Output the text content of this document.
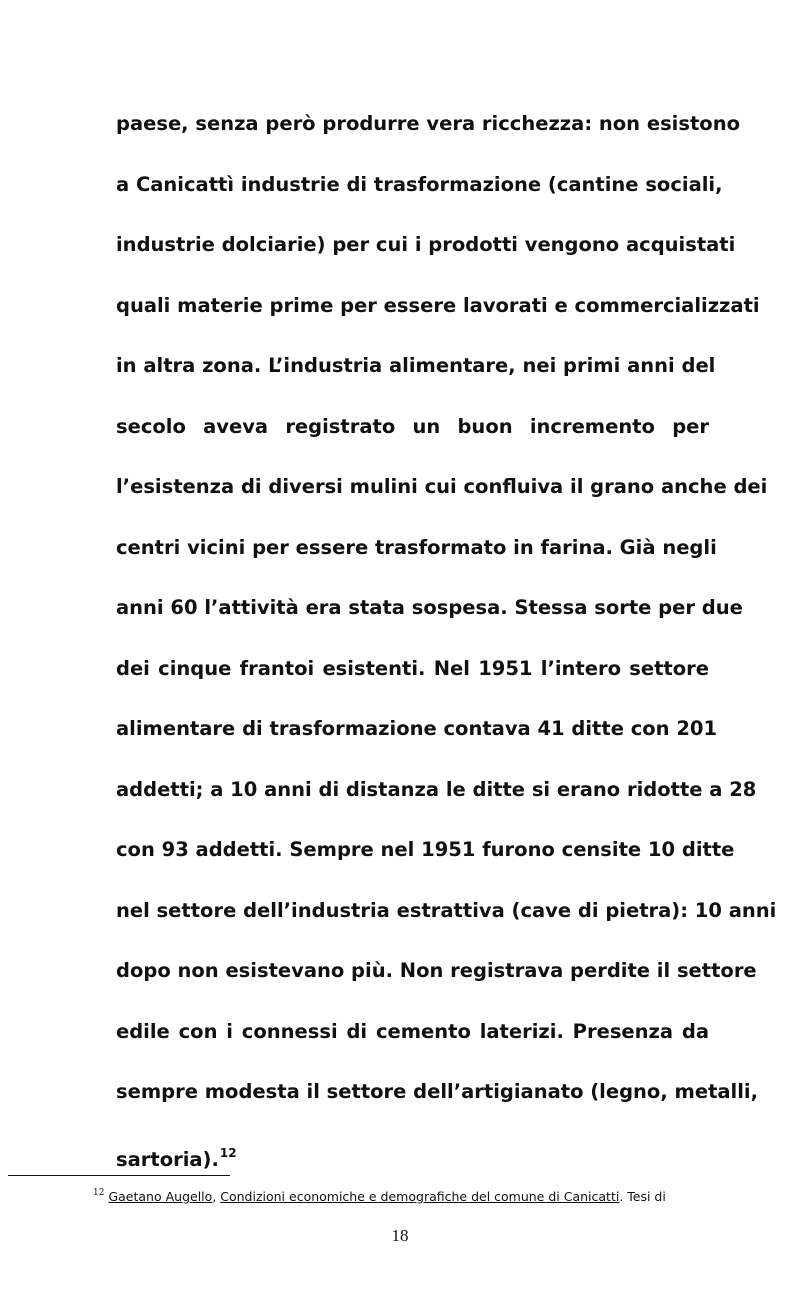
paese, senza però produrre vera ricchezza: non esistono
a Canicattì industrie di trasformazione (cantine sociali,
industrie dolciarie) per cui i prodotti vengono acquistati
quali materie prime per essere lavorati e commercializzati
in altra zona. L’industria alimentare, nei primi anni del
secolo aveva registrato un buon incremento per
l’esistenza di diversi mulini cui confluiva il grano anche dei
centri vicini per essere trasformato in farina. Già negli
anni 60 l’attività era stata sospesa. Stessa sorte per due
dei cinque frantoi esistenti. Nel 1951 l’intero settore
alimentare di trasformazione contava 41 ditte con 201
addetti; a 10 anni di distanza le ditte si erano ridotte a 28
con 93 addetti. Sempre nel 1951 furono censite 10 ditte
nel settore dell’industria estrattiva (cave di pietra): 10 anni
dopo non esistevano più. Non registrava perdite il settore
edile con i connessi di cemento laterizi. Presenza da
sempre modesta il settore dell’artigianato (legno, metalli,
sartoria).$^{12}$
$^{12}$ Gaetano Augello, Condizioni economiche e demografiche del comune di Canicatti. Tesi di
18
